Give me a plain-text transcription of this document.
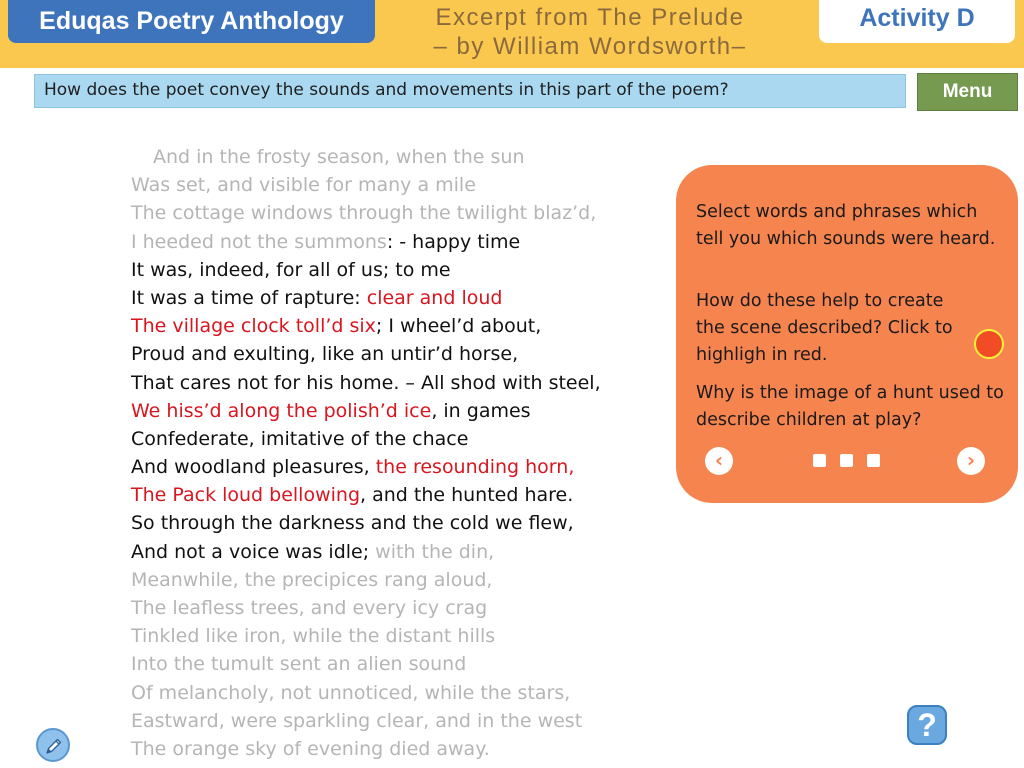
Eduqas Poetry Anthology	Excerpt from The Prelude
– by William Wordsworth–
Activity D
How does the poet convey the sounds and movements in this part of the poem?	Menu
And in the frosty season, when the sun
Was set, and visible for many a mile
The cottage windows through the twilight blaz’d,
I heeded not the summons: - happy time
It was, indeed, for all of us; to me
It was a time of rapture: clear and loud
The village clock toll’d six; I wheel’d about,
Proud and exulting, like an untir’d horse,
That cares not for his home. – All shod with steel,
We hiss’d along the polish’d ice, in games
Confederate, imitative of the chace
And woodland pleasures, the resounding horn,
The Pack loud bellowing, and the hunted hare.
So through the darkness and the cold we flew,
And not a voice was idle; with the din,
Meanwhile, the precipices rang aloud,
The leafless trees, and every icy crag
Tinkled like iron, while the distant hills
Into the tumult sent an alien sound
Of melancholy, not unnoticed, while the stars,
Eastward, were sparkling clear, and in the west
The orange sky of evening died away.
Select words and phrases which tell you which sounds were heard.
How do these help to create the scene described? Click to highligh in red.
Why is the image of a hunt used to describe children at play?
‹	›
?
